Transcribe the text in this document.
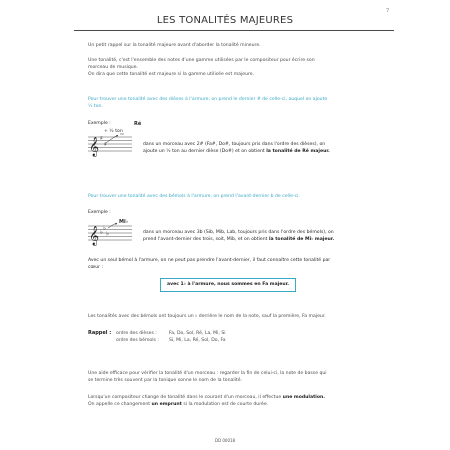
7
LES TONALITÉS MAJEURES
Un petit rappel sur la tonalité majeure avant d'aborder la tonalité mineure.
Une tonalité, c'est l'ensemble des notes d'une gamme utilisées par le compositeur pour écrire son
morceau de musique.
On dira que cette tonalité est majeure si la gamme utilisée est majeure.
Pour trouver une tonalité avec des dièses à l'armure, on prend le dernier # de celle-ci, auquel on ajoute
½ ton.
Exemple :
+ ½ ton
Ré
𝄞 ♯
♯	dans un morceau avec 2# (Fa#, Do#, toujours pris dans l'ordre des dièses), on
ajoute un ½ ton au dernier dièse (Do#) et on obtient la tonalité de Ré majeur.
Pour trouver une tonalité avec des bémols à l'armure, on prend l'avant-dernier b de celle-ci.
Exemple :
Mi♭
𝄞 ♭
♭
♭	dans un morceau avec 3b (Sib, Mib, Lab, toujours pris dans l'ordre des bémols), on
prend l'avant-dernier des trois, soit, Mib, et on obtient la tonalité de Mi♭ majeur.
Avec un seul bémol à l'armure, on ne peut pas prendre l'avant-dernier, il faut connaître cette tonalité par
cœur :
avec 1♭ à l'armure, nous sommes en Fa majeur.
Les tonalités avec des bémols ont toujours un ♭ derrière le nom de la note, sauf la première, Fa majeur.
Rappel : ordre des dièses :	Fa, Do, Sol, Ré, La, Mi, Si
ordre des bémols : Si, Mi, La, Ré, Sol, Do, Fa
Une aide efficace pour vérifier la tonalité d'un morceau : regarder la fin de celui-ci, la note de basse qui
se termine très souvent par la tonique sonne le nom de la tonalité.
Lorsqu'un compositeur change de tonalité dans le courant d'un morceau, il effectue une modulation.
On appelle ce changement un emprunt si la modulation est de courte durée.
DD 00018
